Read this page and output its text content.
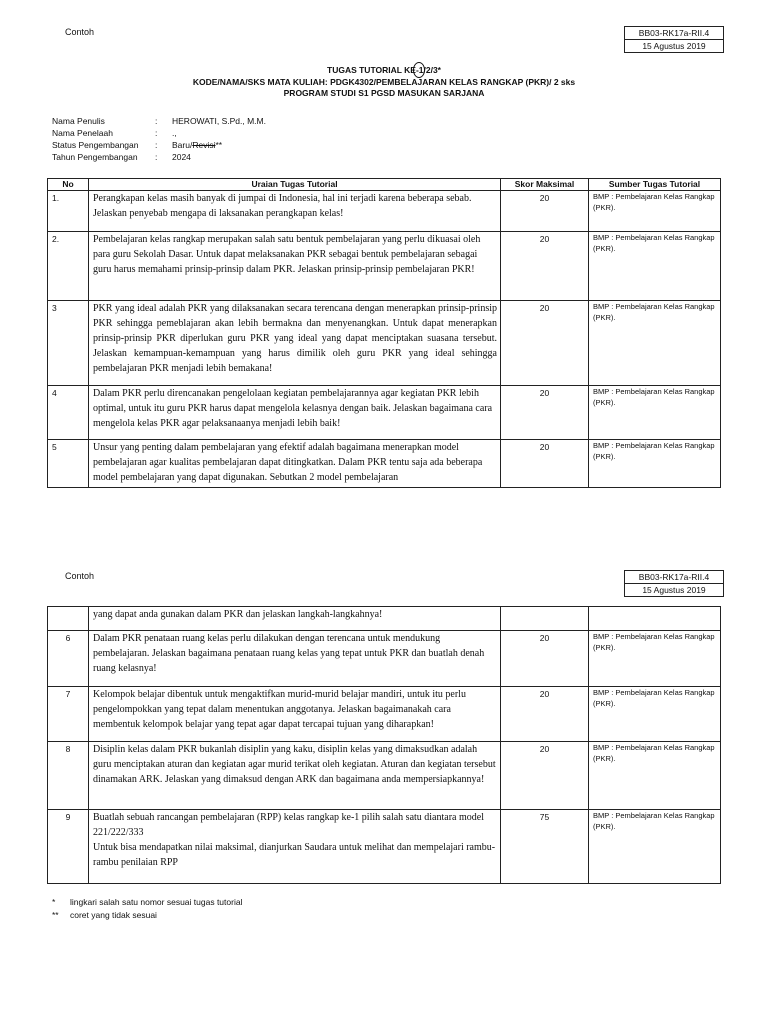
Contoh	BB03-RK17a-RII.4
15 Agustus 2019
TUGAS TUTORIAL KE-1/2/3*
KODE/NAMA/SKS MATA KULIAH: PDGK4302/PEMBELAJARAN KELAS RANGKAP (PKR)/ 2 sks
PROGRAM STUDI S1 PGSD MASUKAN SARJANA
Nama Penulis	:	HEROWATI, S.Pd., M.M.
Nama Penelaah	:	.,
Status Pengembangan	:	Baru/Revisi**
Tahun Pengembangan	:	2024
No	Uraian Tugas Tutorial	Skor Maksimal	Sumber Tugas Tutorial
1.	Perangkapan kelas masih banyak di jumpai di Indonesia, hal ini terjadi karena beberapa sebab. Jelaskan penyebab mengapa di laksanakan perangkapan kelas!	20	BMP : Pembelajaran Kelas Rangkap (PKR).
2.	Pembelajaran kelas rangkap merupakan salah satu bentuk pembelajaran yang perlu dikuasai oleh para guru Sekolah Dasar. Untuk dapat melaksanakan PKR sebagai bentuk pembelajaran sebagai guru harus memahami prinsip-prinsip dalam PKR. Jelaskan prinsip-prinsip pembelajaran PKR!	20	BMP : Pembelajaran Kelas Rangkap (PKR).
3	PKR yang ideal adalah PKR yang dilaksanakan secara terencana dengan menerapkan prinsip-prinsip PKR sehingga pemeblajaran akan lebih bermakna dan menyenangkan. Untuk dapat menerapkan prinsip-prinsip PKR diperlukan guru PKR yang ideal yang dapat menciptakan suasana tersebut. Jelaskan kemampuan-kemampuan yang harus dimilik oleh guru PKR yang ideal sehingga pembelajaran PKR menjadi lebih bemakana!	20	BMP : Pembelajaran Kelas Rangkap (PKR).
4	Dalam PKR perlu direncanakan pengelolaan kegiatan pembelajarannya agar kegiatan PKR lebih optimal, untuk itu guru PKR harus dapat mengelola kelasnya dengan baik. Jelaskan bagaimana cara mengelola kelas PKR agar pelaksanaanya menjadi lebih baik!	20	BMP : Pembelajaran Kelas Rangkap (PKR).
5	Unsur yang penting dalam pembelajaran yang efektif adalah bagaimana menerapkan model pembelajaran agar kualitas pembelajaran dapat ditingkatkan. Dalam PKR tentu saja ada beberapa model pembelajaran yang dapat digunakan. Sebutkan 2 model pembelajaran	20	BMP : Pembelajaran Kelas Rangkap (PKR).
Contoh	BB03-RK17a-RII.4
15 Agustus 2019
	yang dapat anda gunakan dalam PKR dan jelaskan langkah-langkahnya!		
6	Dalam PKR penataan ruang kelas perlu dilakukan dengan terencana untuk mendukung pembelajaran. Jelaskan bagaimana penataan ruang kelas yang tepat untuk PKR dan buatlah denah ruang kelasnya!	20	BMP : Pembelajaran Kelas Rangkap (PKR).
7	Kelompok belajar dibentuk untuk mengaktifkan murid-murid belajar mandiri, untuk itu perlu pengelompokkan yang tepat dalam menentukan anggotanya. Jelaskan bagaimanakah cara membentuk kelompok belajar yang tepat agar dapat tercapai tujuan yang diharapkan!	20	BMP : Pembelajaran Kelas Rangkap (PKR).
8	Disiplin kelas dalam PKR bukanlah disiplin yang kaku, disiplin kelas yang dimaksudkan adalah guru menciptakan aturan dan kegiatan agar murid terikat oleh kegiatan. Aturan dan kegiatan tersebut dinamakan ARK. Jelaskan yang dimaksud dengan ARK dan bagaimana anda mempersiapkannya!	20	BMP : Pembelajaran Kelas Rangkap (PKR).
9	Buatlah sebuah rancangan pembelajaran (RPP) kelas rangkap ke-1 pilih salah satu diantara model 221/222/333
Untuk bisa mendapatkan nilai maksimal, dianjurkan Saudara untuk melihat dan mempelajari rambu-rambu penilaian RPP	75	BMP : Pembelajaran Kelas Rangkap (PKR).
*	lingkari salah satu nomor sesuai tugas tutorial
**	coret yang tidak sesuai
